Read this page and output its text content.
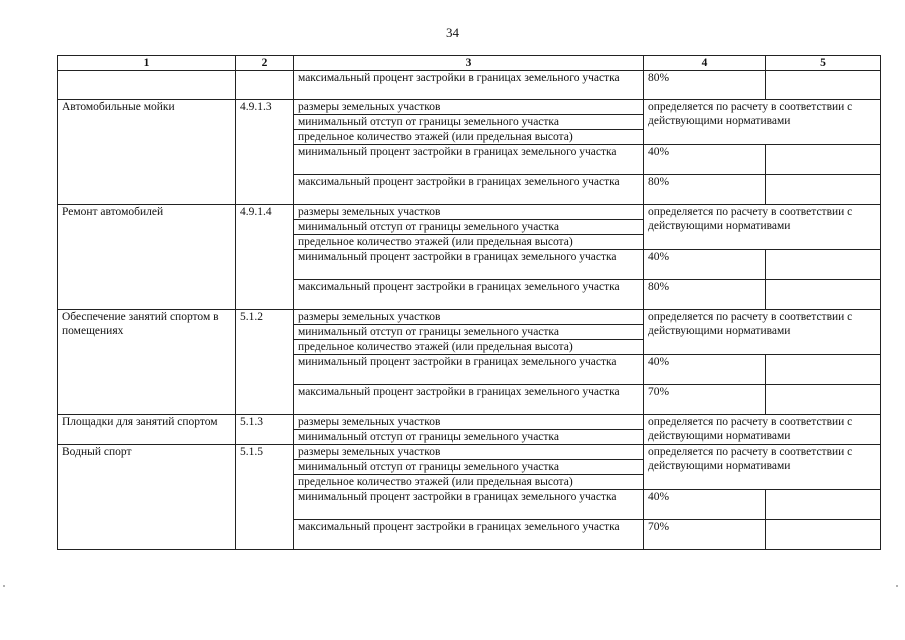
34
1	2	3	4	5
		максимальный процент застройки в границах земельного участка	80%	
Автомобильные мойки	4.9.1.3	размеры земельных участков	определяется по расчету в соответствии с действующими нормативами	
		минимальный отступ от границы земельного участка		
		предельное количество этажей (или предельная высота)		
		минимальный процент застройки в границах земельного участка	40%	
		максимальный процент застройки в границах земельного участка	80%	
Ремонт автомобилей	4.9.1.4	размеры земельных участков	определяется по расчету в соответствии с действующими нормативами	
		минимальный отступ от границы земельного участка		
		предельное количество этажей (или предельная высота)		
		минимальный процент застройки в границах земельного участка	40%	
		максимальный процент застройки в границах земельного участка	80%	
Обеспечение занятий спортом в помещениях	5.1.2	размеры земельных участков	определяется по расчету в соответствии с действующими нормативами	
		минимальный отступ от границы земельного участка		
		предельное количество этажей (или предельная высота)		
		минимальный процент застройки в границах земельного участка	40%	
		максимальный процент застройки в границах земельного участка	70%	
Площадки для занятий спортом	5.1.3	размеры земельных участков	определяется по расчету в соответствии с действующими нормативами	
		минимальный отступ от границы земельного участка		
Водный спорт	5.1.5	размеры земельных участков	определяется по расчету в соответствии с действующими нормативами	
		минимальный отступ от границы земельного участка		
		предельное количество этажей (или предельная высота)		
		минимальный процент застройки в границах земельного участка	40%	
		максимальный процент застройки в границах земельного участка	70%	
